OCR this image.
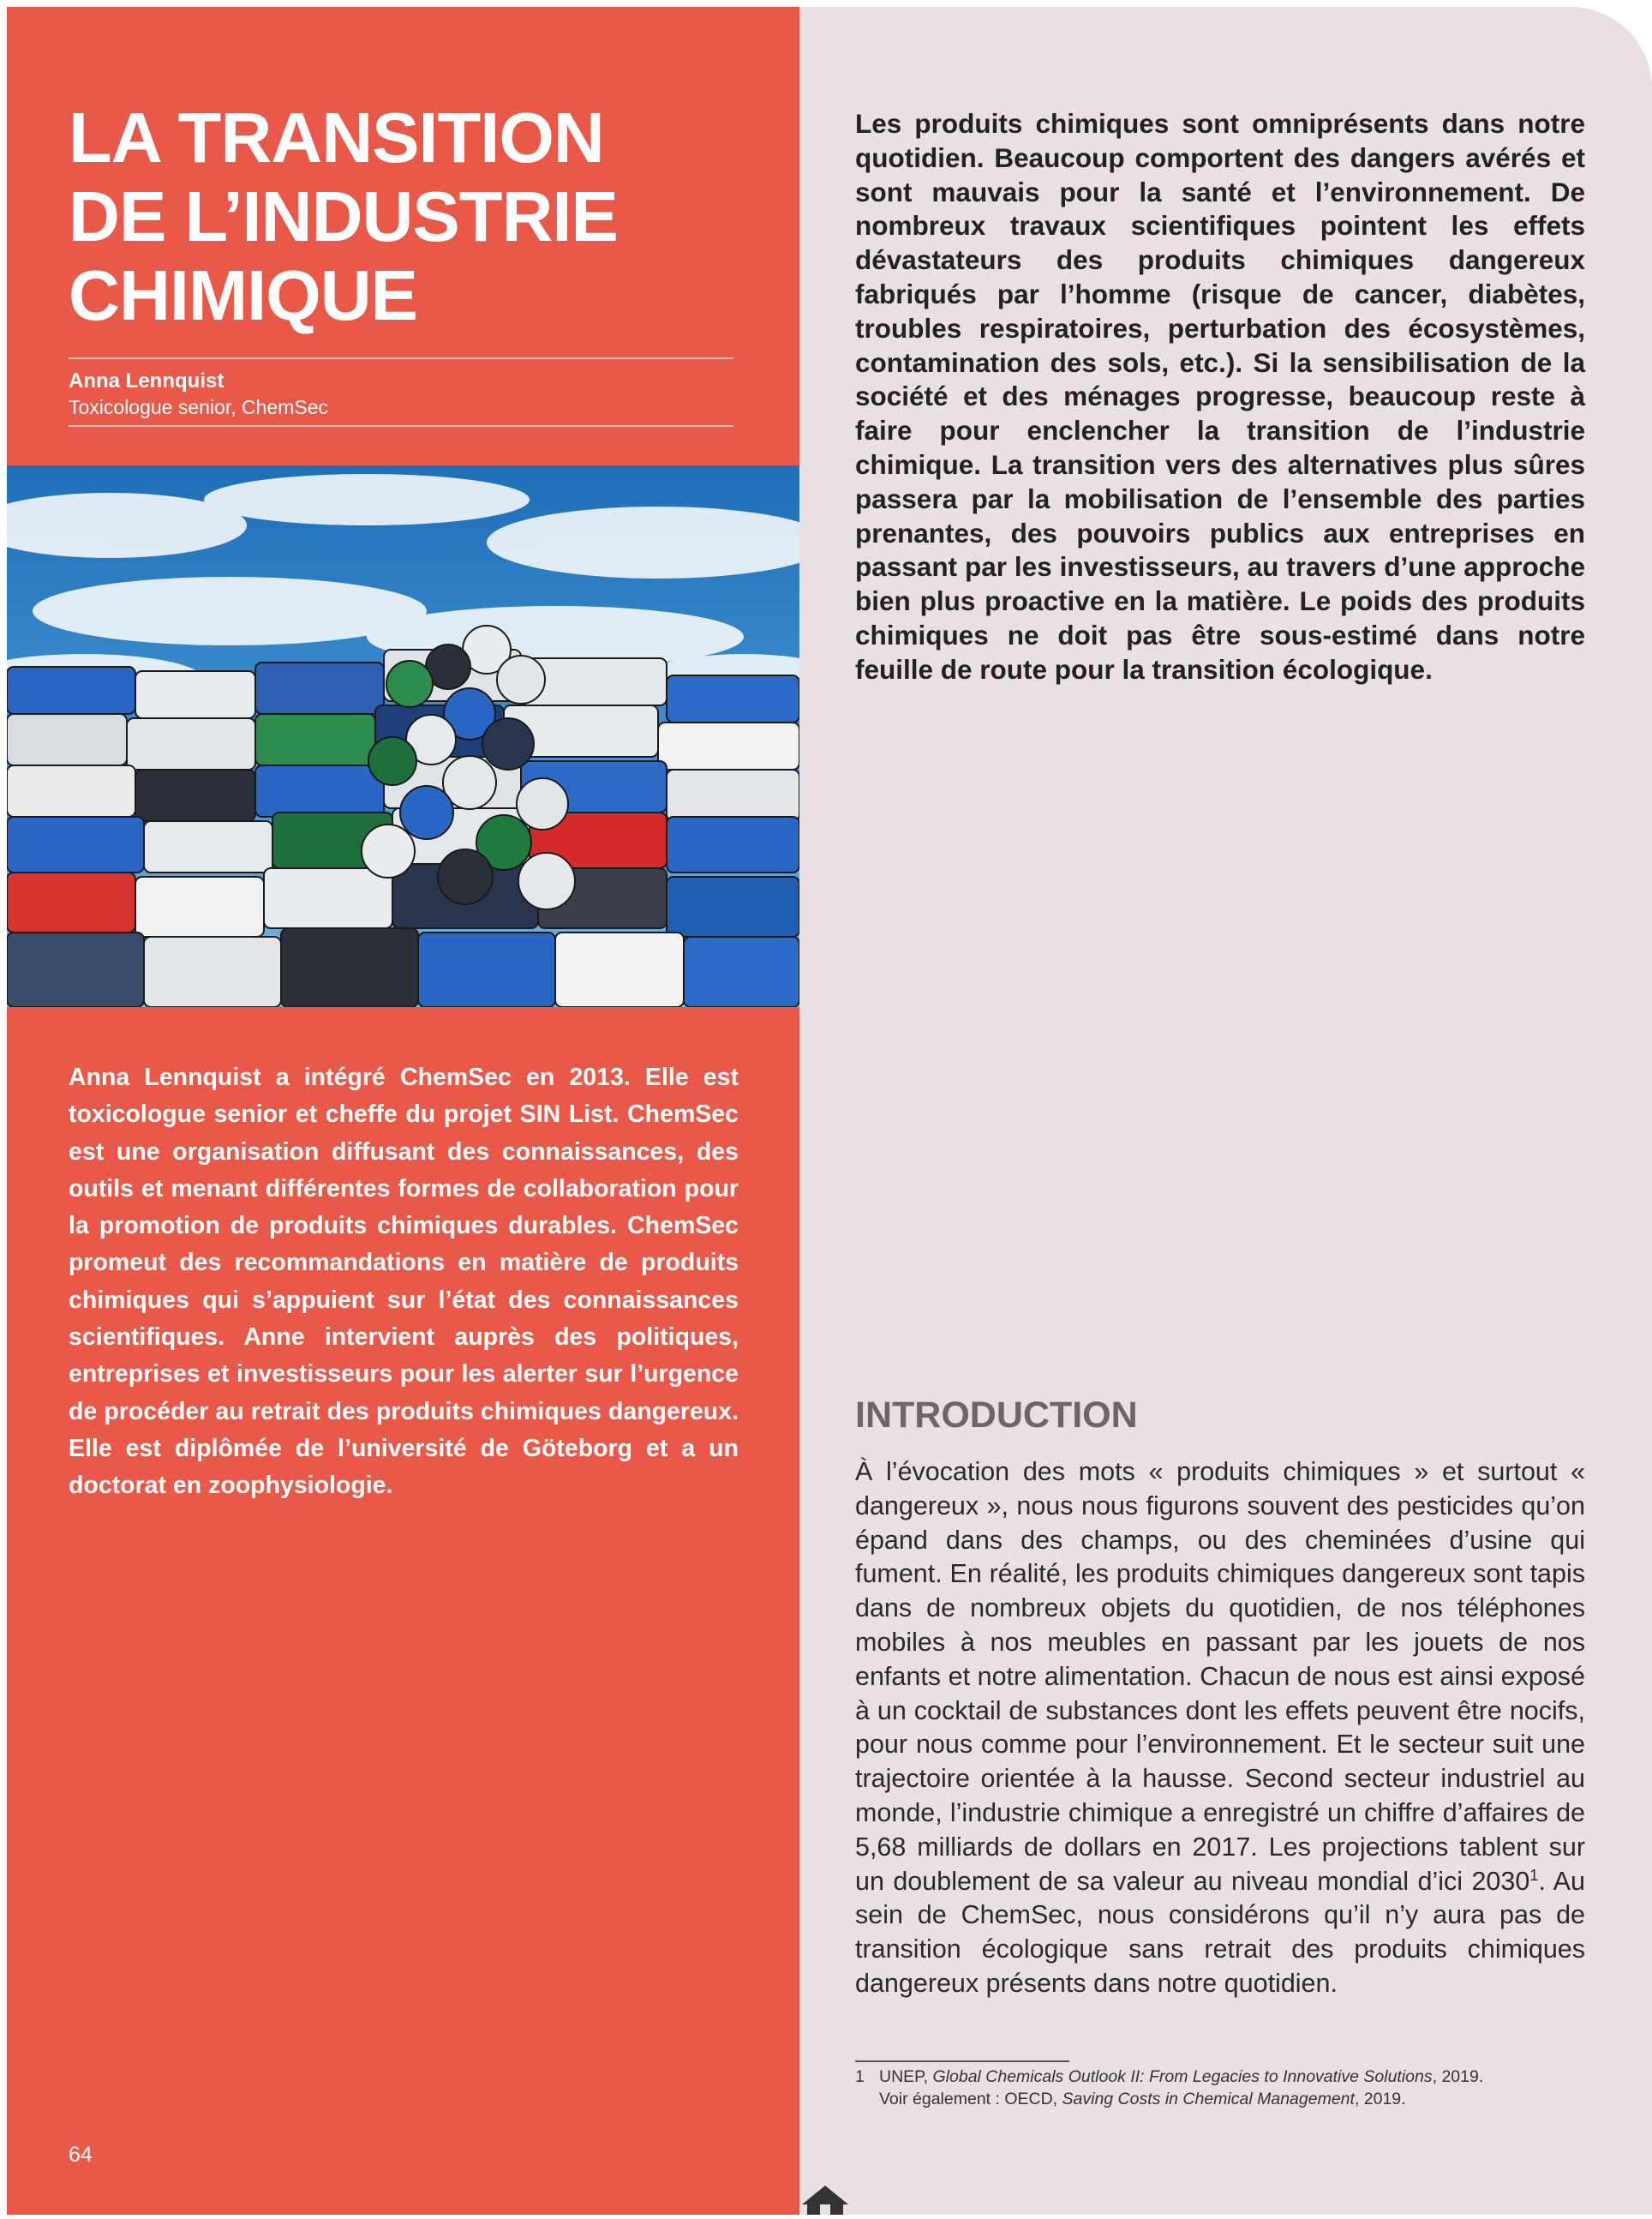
LA TRANSITION
DE L’INDUSTRIE
CHIMIQUE
Anna Lennquist
Toxicologue senior, ChemSec

Anna Lennquist a intégré ChemSec en 2013. Elle est toxicologue senior et cheffe du projet SIN List. ChemSec est une organisation diffusant des connaissances, des outils et menant différentes formes de collaboration pour la promotion de produits chimiques durables. ChemSec promeut des recommandations en matière de produits chimiques qui s’appuient sur l’état des connaissances scientifiques. Anne intervient auprès des politiques, entreprises et investisseurs pour les alerter sur l’urgence de procéder au retrait des produits chimiques dangereux. Elle est diplômée de l’université de Göteborg et a un doctorat en zoophysiologie.

64

Les produits chimiques sont omniprésents dans notre quotidien. Beaucoup comportent des dangers avérés et sont mauvais pour la santé et l’environnement. De nombreux travaux scientifiques pointent les effets dévastateurs des produits chimiques dangereux fabriqués par l’homme (risque de cancer, diabètes, troubles respiratoires, perturbation des écosystèmes, contamination des sols, etc.). Si la sensibilisation de la société et des ménages progresse, beaucoup reste à faire pour enclencher la transition de l’industrie chimique. La transition vers des alternatives plus sûres passera par la mobilisation de l’ensemble des parties prenantes, des pouvoirs publics aux entreprises en passant par les investisseurs, au travers d’une approche bien plus proactive en la matière. Le poids des produits chimiques ne doit pas être sous-estimé dans notre feuille de route pour la transition écologique.

INTRODUCTION

À l’évocation des mots « produits chimiques » et surtout « dangereux », nous nous figurons souvent des pesticides qu’on épand dans des champs, ou des cheminées d’usine qui fument. En réalité, les produits chimiques dangereux sont tapis dans de nombreux objets du quotidien, de nos téléphones mobiles à nos meubles en passant par les jouets de nos enfants et notre alimentation. Chacun de nous est ainsi exposé à un cocktail de substances dont les effets peuvent être nocifs, pour nous comme pour l’environnement. Et le secteur suit une trajectoire orientée à la hausse. Second secteur industriel au monde, l’industrie chimique a enregistré un chiffre d’affaires de 5,68 milliards de dollars en 2017. Les projections tablent sur un doublement de sa valeur au niveau mondial d’ici 2030$^1$. Au sein de ChemSec, nous considérons qu’il n’y aura pas de transition écologique sans retrait des produits chimiques dangereux présents dans notre quotidien.

1 UNEP, Global Chemicals Outlook II: From Legacies to Innovative Solutions, 2019.
Voir également : OECD, Saving Costs in Chemical Management, 2019.
